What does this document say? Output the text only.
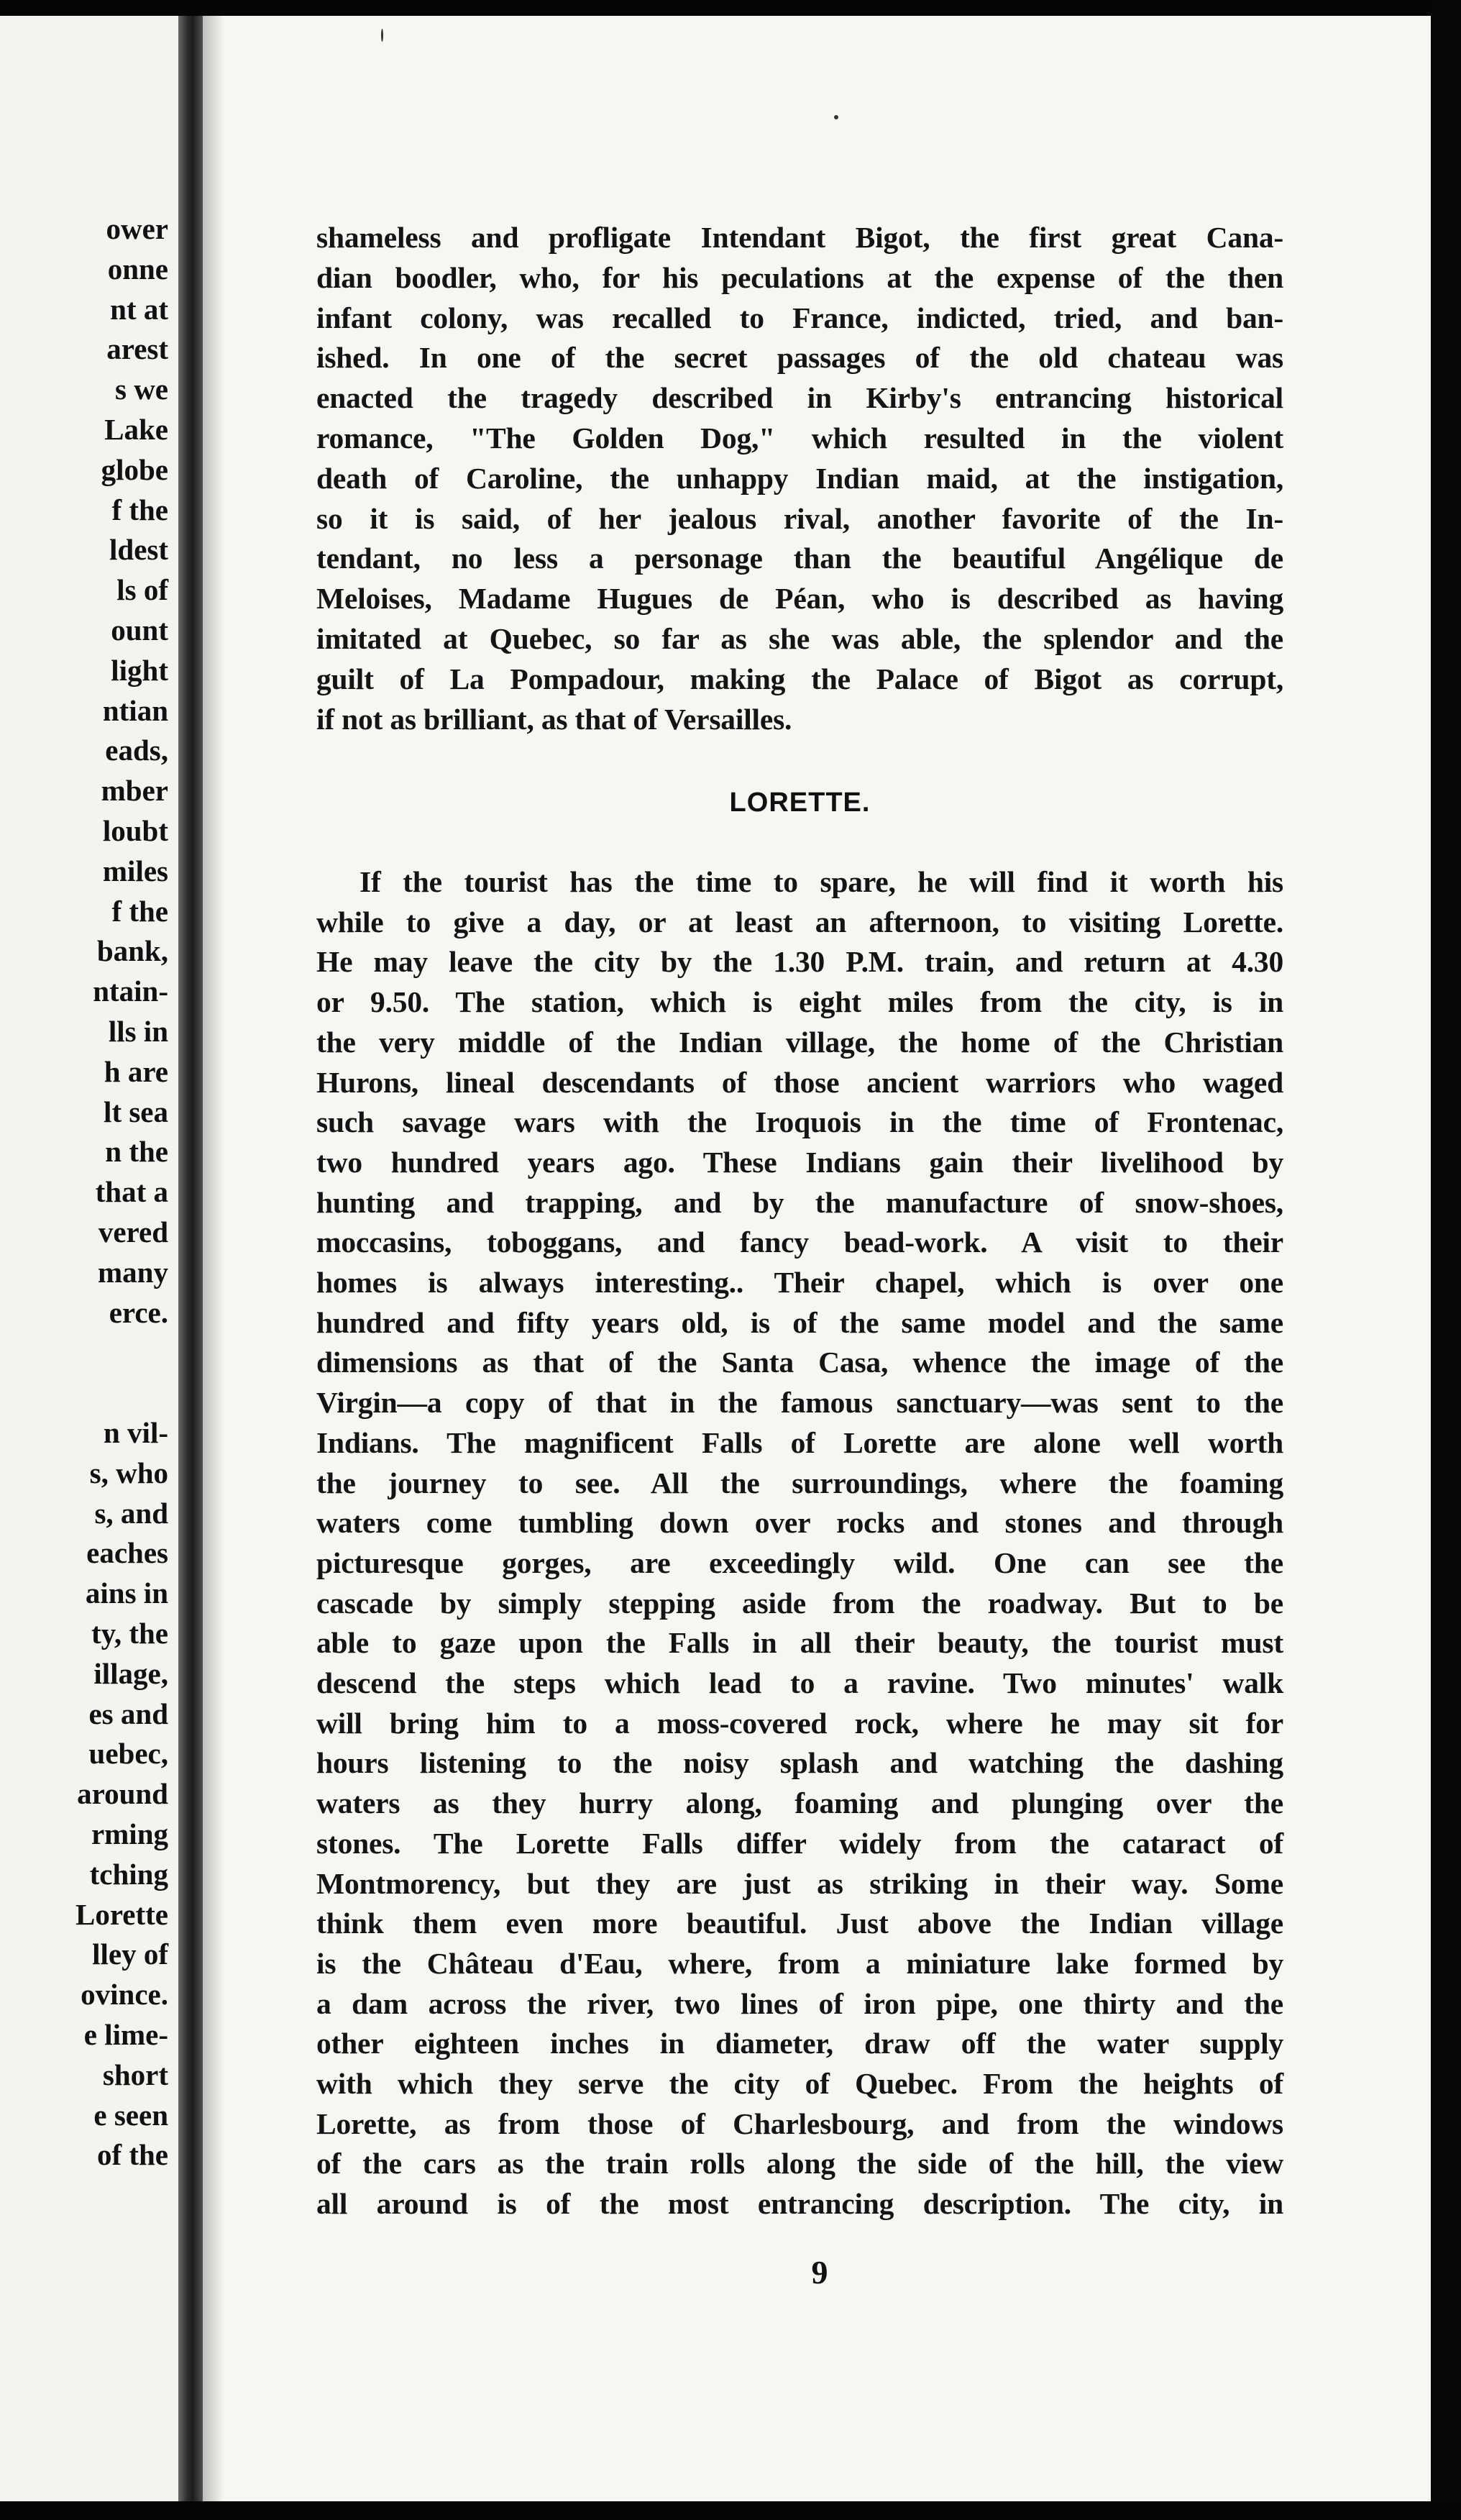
ower
onne
nt at
arest
s we
Lake
globe
f the
ldest
ls of
ount
light
ntian
eads,
mber
loubt
miles
f the
bank,
ntain-
lls in
h are
lt sea
n the
that a
vered
many
erce.
n vil-
s, who
s, and
eaches
ains in
ty, the
illage,
es and
uebec,
around
rming
tching
Lorette
lley of
ovince.
e lime-
short
e seen
of the
shameless and profligate Intendant Bigot, the first great Cana-
dian boodler, who, for his peculations at the expense of the then
infant colony, was recalled to France, indicted, tried, and ban-
ished. In one of the secret passages of the old chateau was
enacted the tragedy described in Kirby's entrancing historical
romance, "The Golden Dog," which resulted in the violent
death of Caroline, the unhappy Indian maid, at the instigation,
so it is said, of her jealous rival, another favorite of the In-
tendant, no less a personage than the beautiful Angélique de
Meloises, Madame Hugues de Péan, who is described as having
imitated at Quebec, so far as she was able, the splendor and the
guilt of La Pompadour, making the Palace of Bigot as corrupt,
if not as brilliant, as that of Versailles.
LORETTE.
If the tourist has the time to spare, he will find it worth his
while to give a day, or at least an afternoon, to visiting Lorette.
He may leave the city by the 1.30 P.M. train, and return at 4.30
or 9.50. The station, which is eight miles from the city, is in
the very middle of the Indian village, the home of the Christian
Hurons, lineal descendants of those ancient warriors who waged
such savage wars with the Iroquois in the time of Frontenac,
two hundred years ago. These Indians gain their livelihood by
hunting and trapping, and by the manufacture of snow-shoes,
moccasins, toboggans, and fancy bead-work. A visit to their
homes is always interesting.. Their chapel, which is over one
hundred and fifty years old, is of the same model and the same
dimensions as that of the Santa Casa, whence the image of the
Virgin—a copy of that in the famous sanctuary—was sent to the
Indians. The magnificent Falls of Lorette are alone well worth
the journey to see. All the surroundings, where the foaming
waters come tumbling down over rocks and stones and through
picturesque gorges, are exceedingly wild. One can see the
cascade by simply stepping aside from the roadway. But to be
able to gaze upon the Falls in all their beauty, the tourist must
descend the steps which lead to a ravine. Two minutes' walk
will bring him to a moss-covered rock, where he may sit for
hours listening to the noisy splash and watching the dashing
waters as they hurry along, foaming and plunging over the
stones. The Lorette Falls differ widely from the cataract of
Montmorency, but they are just as striking in their way. Some
think them even more beautiful. Just above the Indian village
is the Château d'Eau, where, from a miniature lake formed by
a dam across the river, two lines of iron pipe, one thirty and the
other eighteen inches in diameter, draw off the water supply
with which they serve the city of Quebec. From the heights of
Lorette, as from those of Charlesbourg, and from the windows
of the cars as the train rolls along the side of the hill, the view
all around is of the most entrancing description. The city, in
9
